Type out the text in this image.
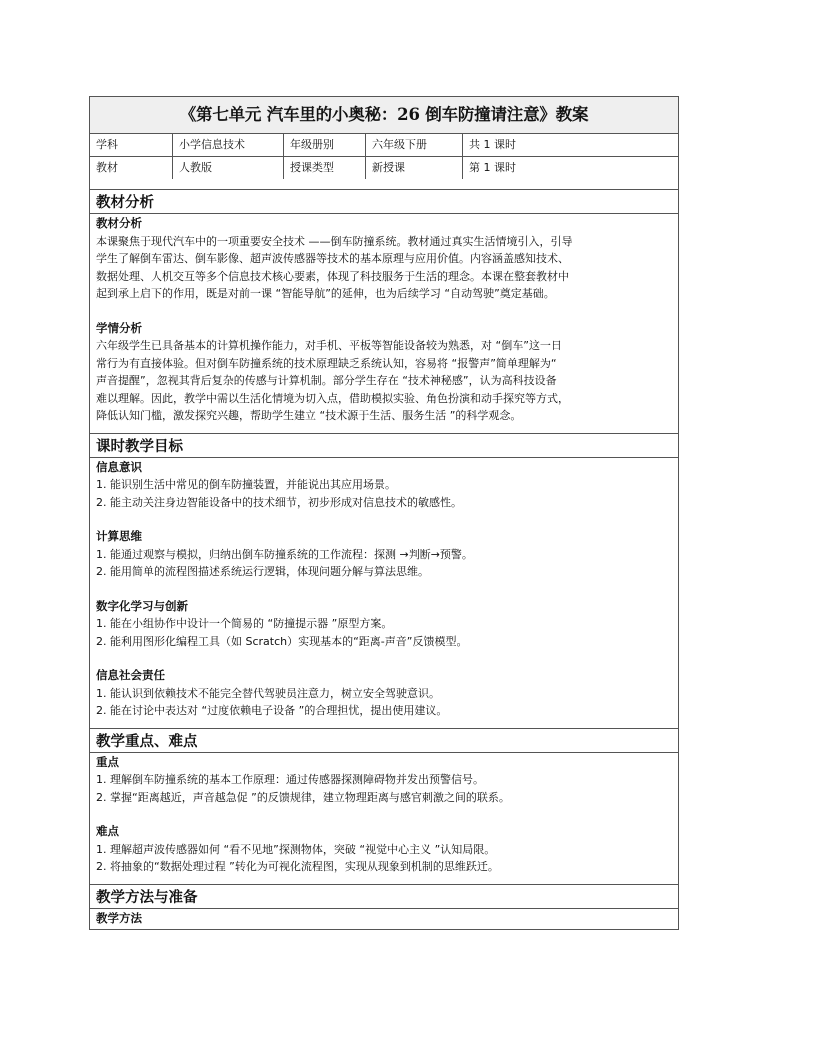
《第七单元 汽车里的小奥秘：26 倒车防撞请注意》教案
学科	小学信息技术	年级册别	六年级下册	共 1 课时
教材	人教版	授课类型	新授课	第 1 课时
教材分析
教材分析
本课聚焦于现代汽车中的一项重要安全技术 ——倒车防撞系统。教材通过真实生活情境引入，引导
学生了解倒车雷达、倒车影像、超声波传感器等技术的基本原理与应用价值。内容涵盖感知技术、
数据处理、人机交互等多个信息技术核心要素，体现了科技服务于生活的理念。本课在整套教材中
起到承上启下的作用，既是对前一课 “智能导航”的延伸，也为后续学习 “自动驾驶”奠定基础。
学情分析
六年级学生已具备基本的计算机操作能力，对手机、平板等智能设备较为熟悉，对 “倒车”这一日
常行为有直接体验。但对倒车防撞系统的技术原理缺乏系统认知，容易将 “报警声”简单理解为“
声音提醒”，忽视其背后复杂的传感与计算机制。部分学生存在 “技术神秘感”，认为高科技设备
难以理解。因此，教学中需以生活化情境为切入点，借助模拟实验、角色扮演和动手探究等方式，
降低认知门槛，激发探究兴趣，帮助学生建立 “技术源于生活、服务生活 ”的科学观念。
课时教学目标
信息意识
1. 能识别生活中常见的倒车防撞装置，并能说出其应用场景。
2. 能主动关注身边智能设备中的技术细节，初步形成对信息技术的敏感性。
计算思维
1. 能通过观察与模拟，归纳出倒车防撞系统的工作流程：探测 →判断→预警。
2. 能用简单的流程图描述系统运行逻辑，体现问题分解与算法思维。
数字化学习与创新
1. 能在小组协作中设计一个简易的 “防撞提示器 ”原型方案。
2. 能利用图形化编程工具（如 Scratch）实现基本的“距离-声音”反馈模型。
信息社会责任
1. 能认识到依赖技术不能完全替代驾驶员注意力，树立安全驾驶意识。
2. 能在讨论中表达对 “过度依赖电子设备 ”的合理担忧，提出使用建议。
教学重点、难点
重点
1. 理解倒车防撞系统的基本工作原理：通过传感器探测障碍物并发出预警信号。
2. 掌握“距离越近，声音越急促 ”的反馈规律，建立物理距离与感官刺激之间的联系。
难点
1. 理解超声波传感器如何 “看不见地”探测物体，突破 “视觉中心主义 ”认知局限。
2. 将抽象的“数据处理过程 ”转化为可视化流程图，实现从现象到机制的思维跃迁。
教学方法与准备
教学方法
